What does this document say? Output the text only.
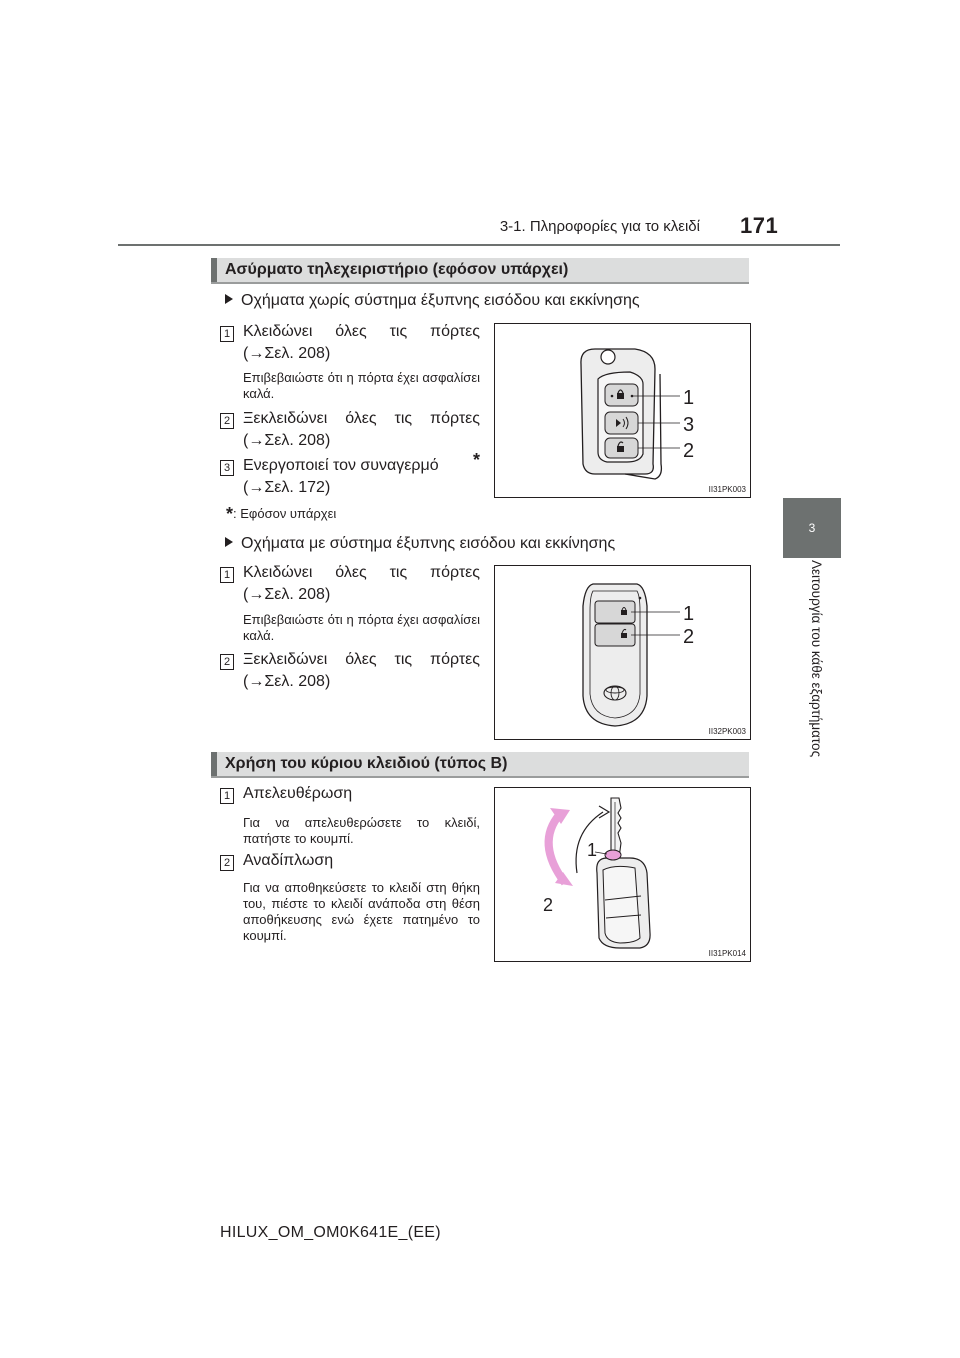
3-1. Πληροφορίες για το κλειδί 171
3
Λειτουργία του κάθε εξαρτήματος
Ασύρματο τηλεχειριστήριο (εφόσον υπάρχει)
Οχήματα χωρίς σύστημα έξυπνης εισόδου και εκκίνησης
1 Κλειδώνει όλες τις πόρτες
(→Σελ. 208)
Επιβεβαιώστε ότι η πόρτα έχει ασφαλίσει καλά.
2 Ξεκλειδώνει όλες τις πόρτες
(→Σελ. 208)
3 Ενεργοποιεί τον συναγερμό	*
(→Σελ. 172)
*: Εφόσον υπάρχει
1
3
2
II31PK003
Οχήματα με σύστημα έξυπνης εισόδου και εκκίνησης
1 Κλειδώνει όλες τις πόρτες
(→Σελ. 208)
Επιβεβαιώστε ότι η πόρτα έχει ασφαλίσει καλά.
2 Ξεκλειδώνει όλες τις πόρτες
(→Σελ. 208)
1
2
II32PK003
Χρήση του κύριου κλειδιού (τύπος B)
1 Απελευθέρωση
Για να απελευθερώσετε το κλειδί, πατήστε το κουμπί.
2 Αναδίπλωση
Για να αποθηκεύσετε το κλειδί στη θήκη του, πιέστε το κλειδί ανάποδα στη θέση αποθήκευσης ενώ έχετε πατημένο το κουμπί.
1
2
II31PK014
HILUX_OM_OM0K641E_(EE)
